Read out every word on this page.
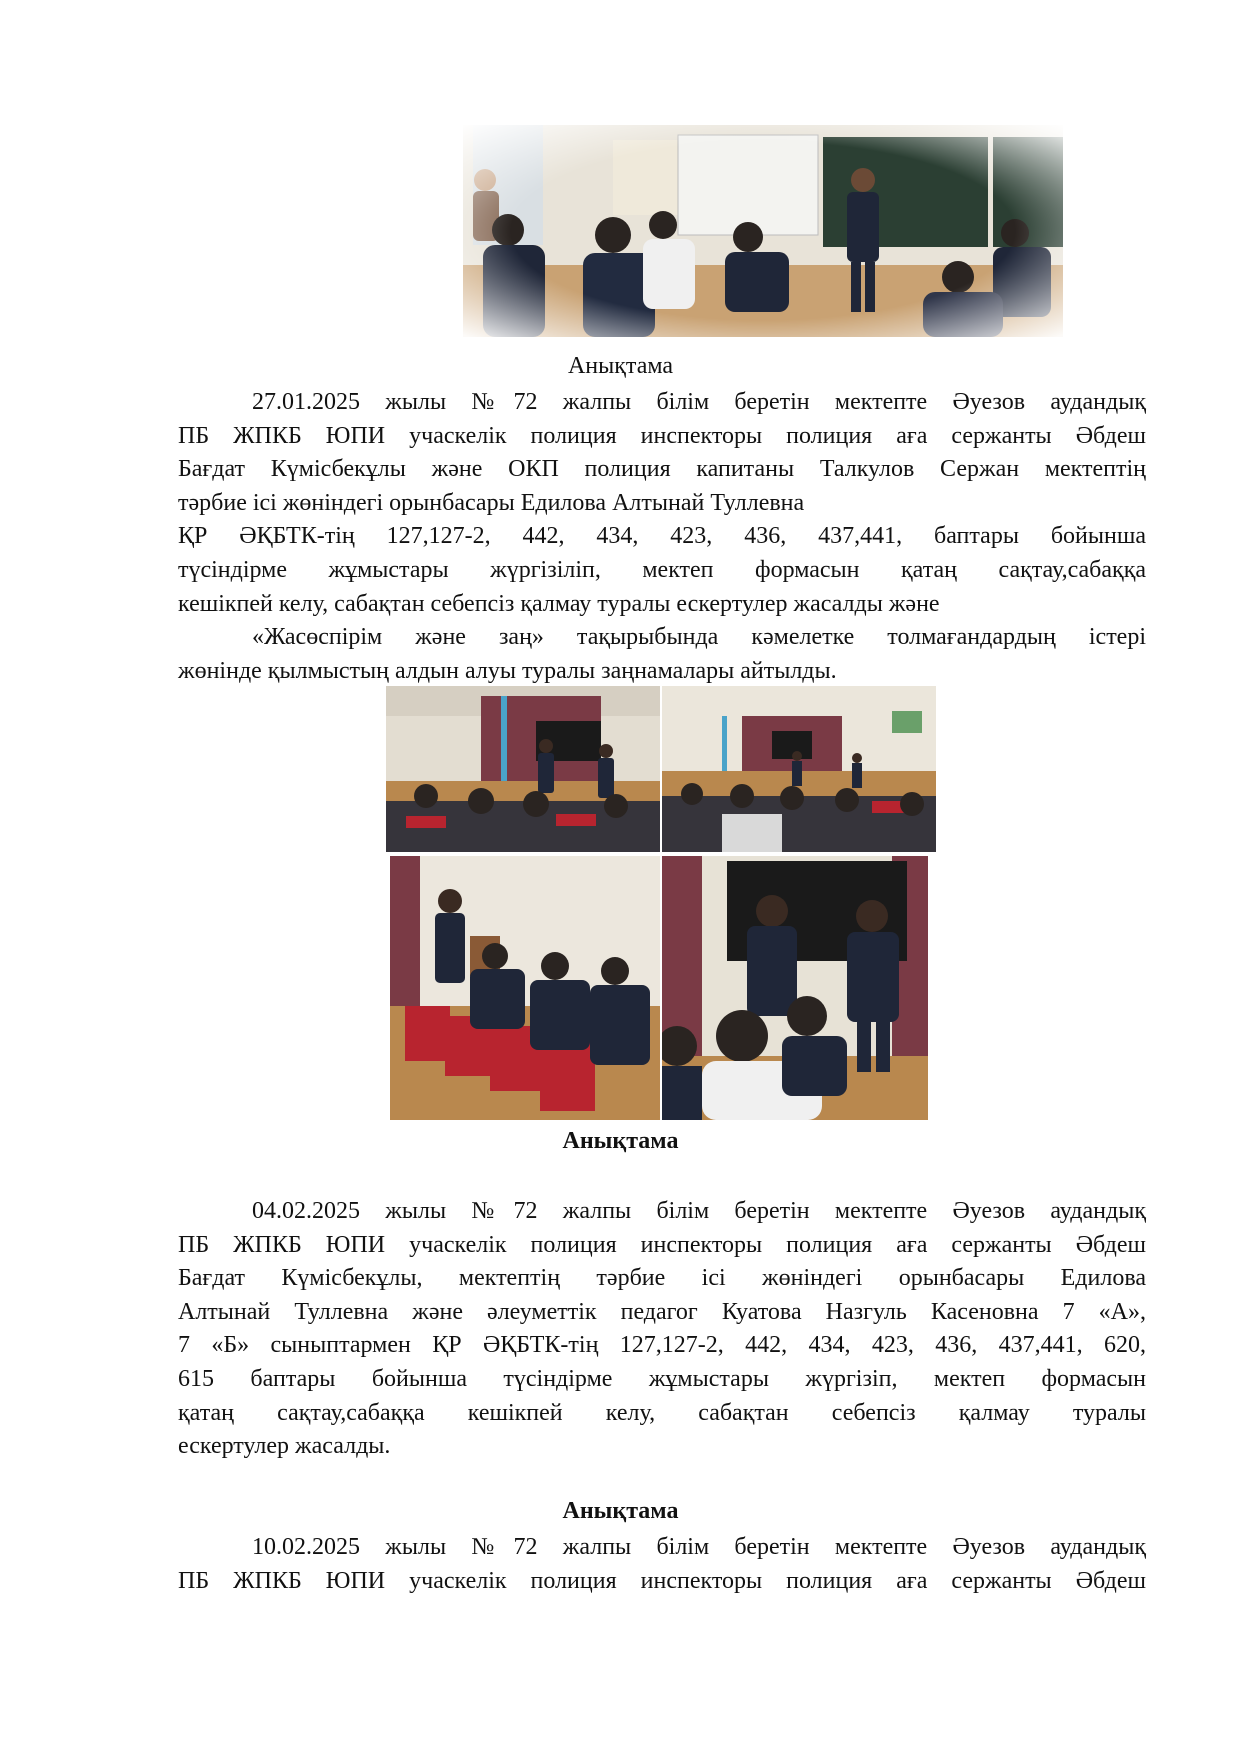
Анықтама
27.01.2025 жылы №72 жалпы білім беретін мектепте Әуезов аудандық
ПБ ЖПКБ ЮПИ учаскелік полиция инспекторы полиция аға сержанты Әбдеш
Бағдат Күмісбекұлы және ОКП полиция капитаны Талкулов Сержан мектептің
тәрбие ісі жөніндегі орынбасары Едилова Алтынай Туллевна
ҚР ӘҚБТК-тің 127,127-2, 442, 434, 423, 436, 437,441, баптары бойынша
түсіндірме жұмыстары жүргізіліп, мектеп формасын қатаң сақтау,сабаққа
кешікпей келу, сабақтан себепсіз қалмау туралы ескертулер жасалды және
«Жасөспірім және заң» тақырыбында кәмелетке толмағандардың істері
жөнінде қылмыстың алдын алуы туралы заңнамалары айтылды.
Анықтама
04.02.2025 жылы №72 жалпы білім беретін мектепте Әуезов аудандық
ПБ ЖПКБ ЮПИ учаскелік полиция инспекторы полиция аға сержанты Әбдеш
Бағдат Күмісбекұлы, мектептің тәрбие ісі жөніндегі орынбасары Едилова
Алтынай Туллевна және әлеуметтік педагог Куатова Назгуль Касеновна 7 «А»,
7 «Б» сыныптармен ҚР ӘҚБТК-тің 127,127-2, 442, 434, 423, 436, 437,441, 620,
615 баптары бойынша түсіндірме жұмыстары жүргізіп, мектеп формасын
қатаң сақтау,сабаққа кешікпей келу, сабақтан себепсіз қалмау туралы
ескертулер жасалды.
Анықтама
10.02.2025 жылы №72 жалпы білім беретін мектепте Әуезов аудандық
ПБ ЖПКБ ЮПИ учаскелік полиция инспекторы полиция аға сержанты Әбдеш
